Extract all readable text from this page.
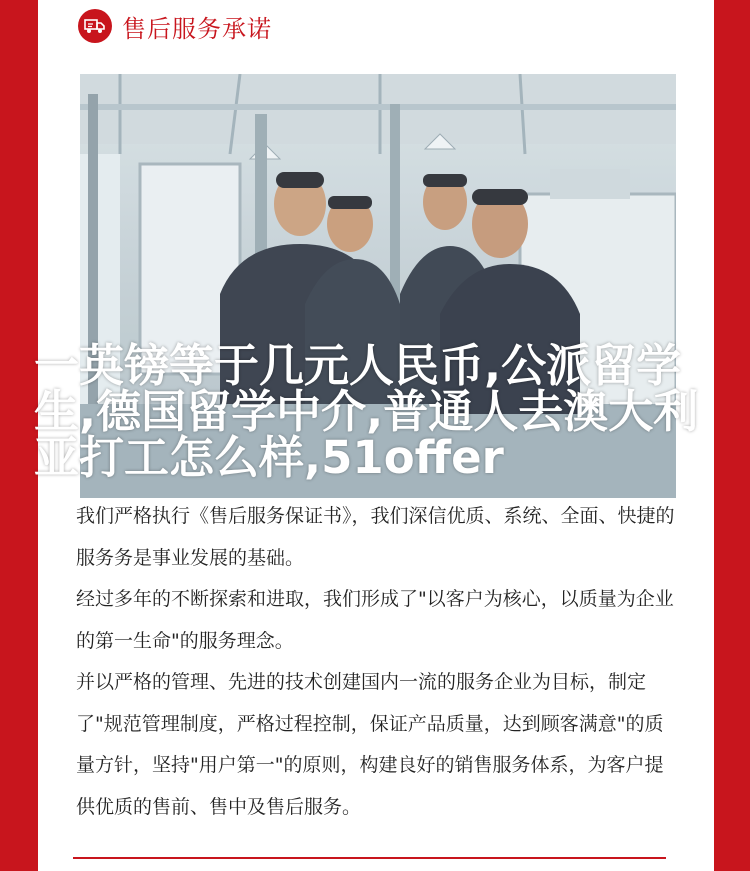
售后服务承诺

一英镑等于几元人民币,公派留学生,德国留学中介,普通人去澳大利亚打工怎么样,51offer

我们严格执行《售后服务保证书》，我们深信优质、系统、全面、快捷的服务务是事业发展的基础。

经过多年的不断探索和进取，我们形成了"以客户为核心，以质量为企业的第一生命"的服务理念。

并以严格的管理、先进的技术创建国内一流的服务企业为目标，制定了"规范管理制度，严格过程控制，保证产品质量，达到顾客满意"的质量方针，坚持"用户第一"的原则，构建良好的销售服务体系，为客户提供优质的售前、售中及售后服务。
